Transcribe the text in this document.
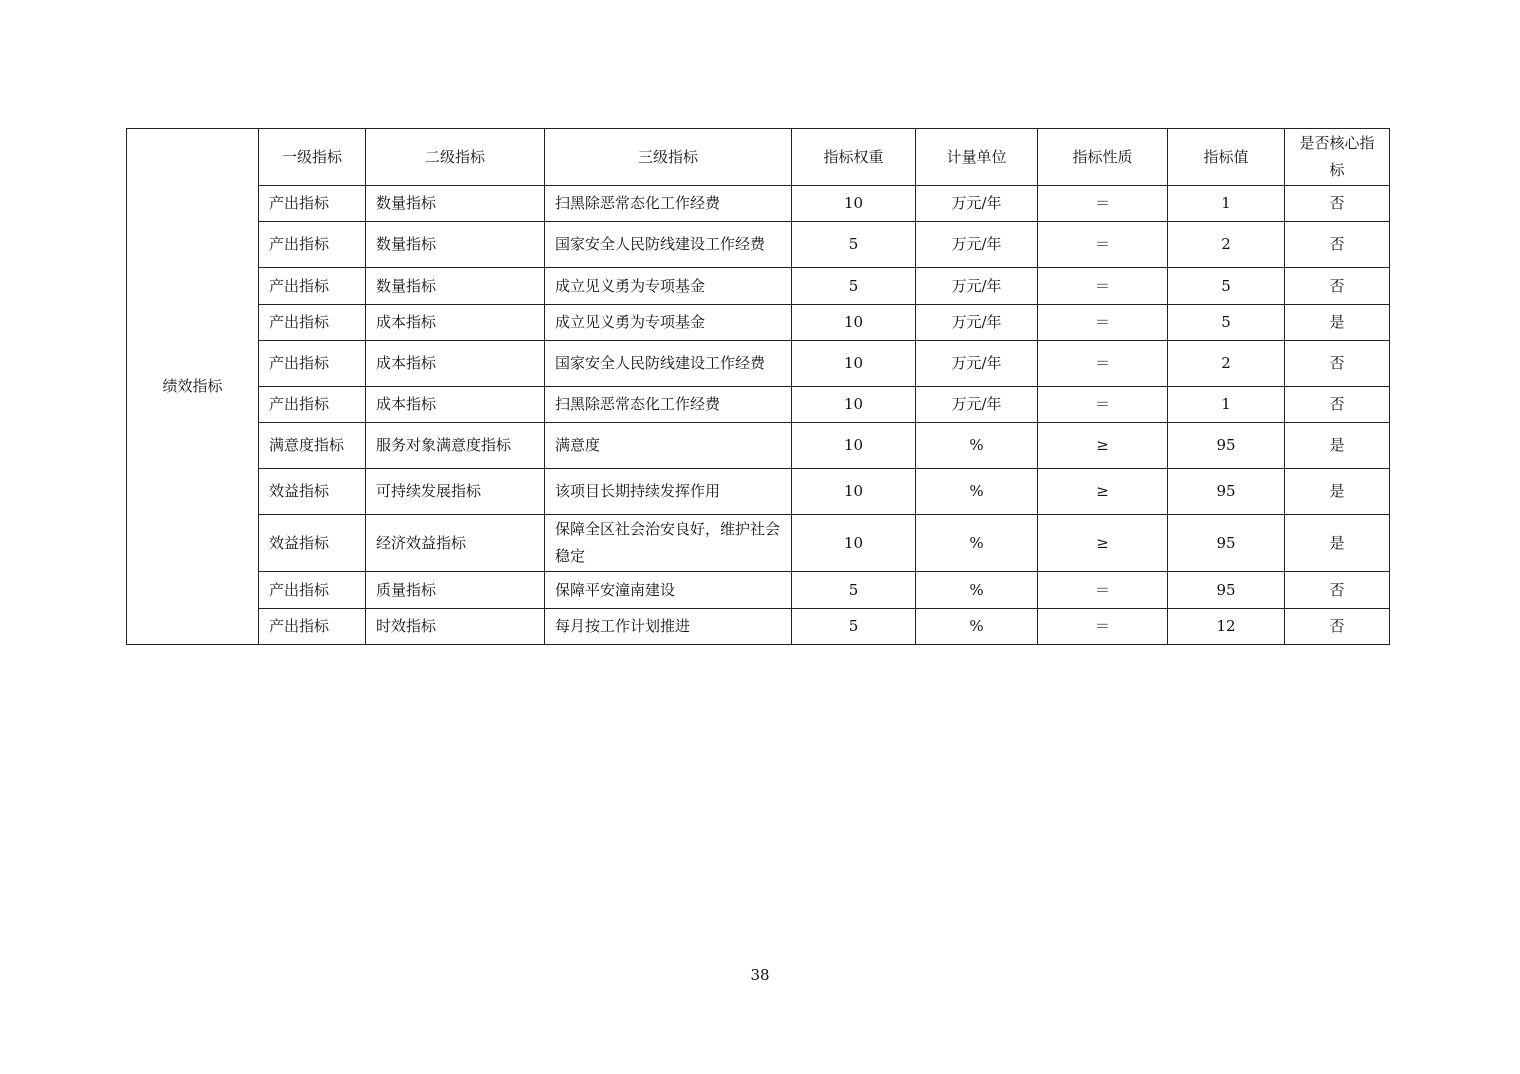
绩效指标	一级指标	二级指标	三级指标	指标权重	计量单位	指标性质	指标值	是否核心指标
	产出指标	数量指标	扫黑除恶常态化工作经费	10	万元/年	＝	1	否
	产出指标	数量指标	国家安全人民防线建设工作经费	5	万元/年	＝	2	否
	产出指标	数量指标	成立见义勇为专项基金	5	万元/年	＝	5	否
	产出指标	成本指标	成立见义勇为专项基金	10	万元/年	＝	5	是
	产出指标	成本指标	国家安全人民防线建设工作经费	10	万元/年	＝	2	否
	产出指标	成本指标	扫黑除恶常态化工作经费	10	万元/年	＝	1	否
	满意度指标	服务对象满意度指标	满意度	10	%	≥	95	是
	效益指标	可持续发展指标	该项目长期持续发挥作用	10	%	≥	95	是
	效益指标	经济效益指标	保障全区社会治安良好，维护社会稳定	10	%	≥	95	是
	产出指标	质量指标	保障平安潼南建设	5	%	＝	95	否
	产出指标	时效指标	每月按工作计划推进	5	%	＝	12	否
38
